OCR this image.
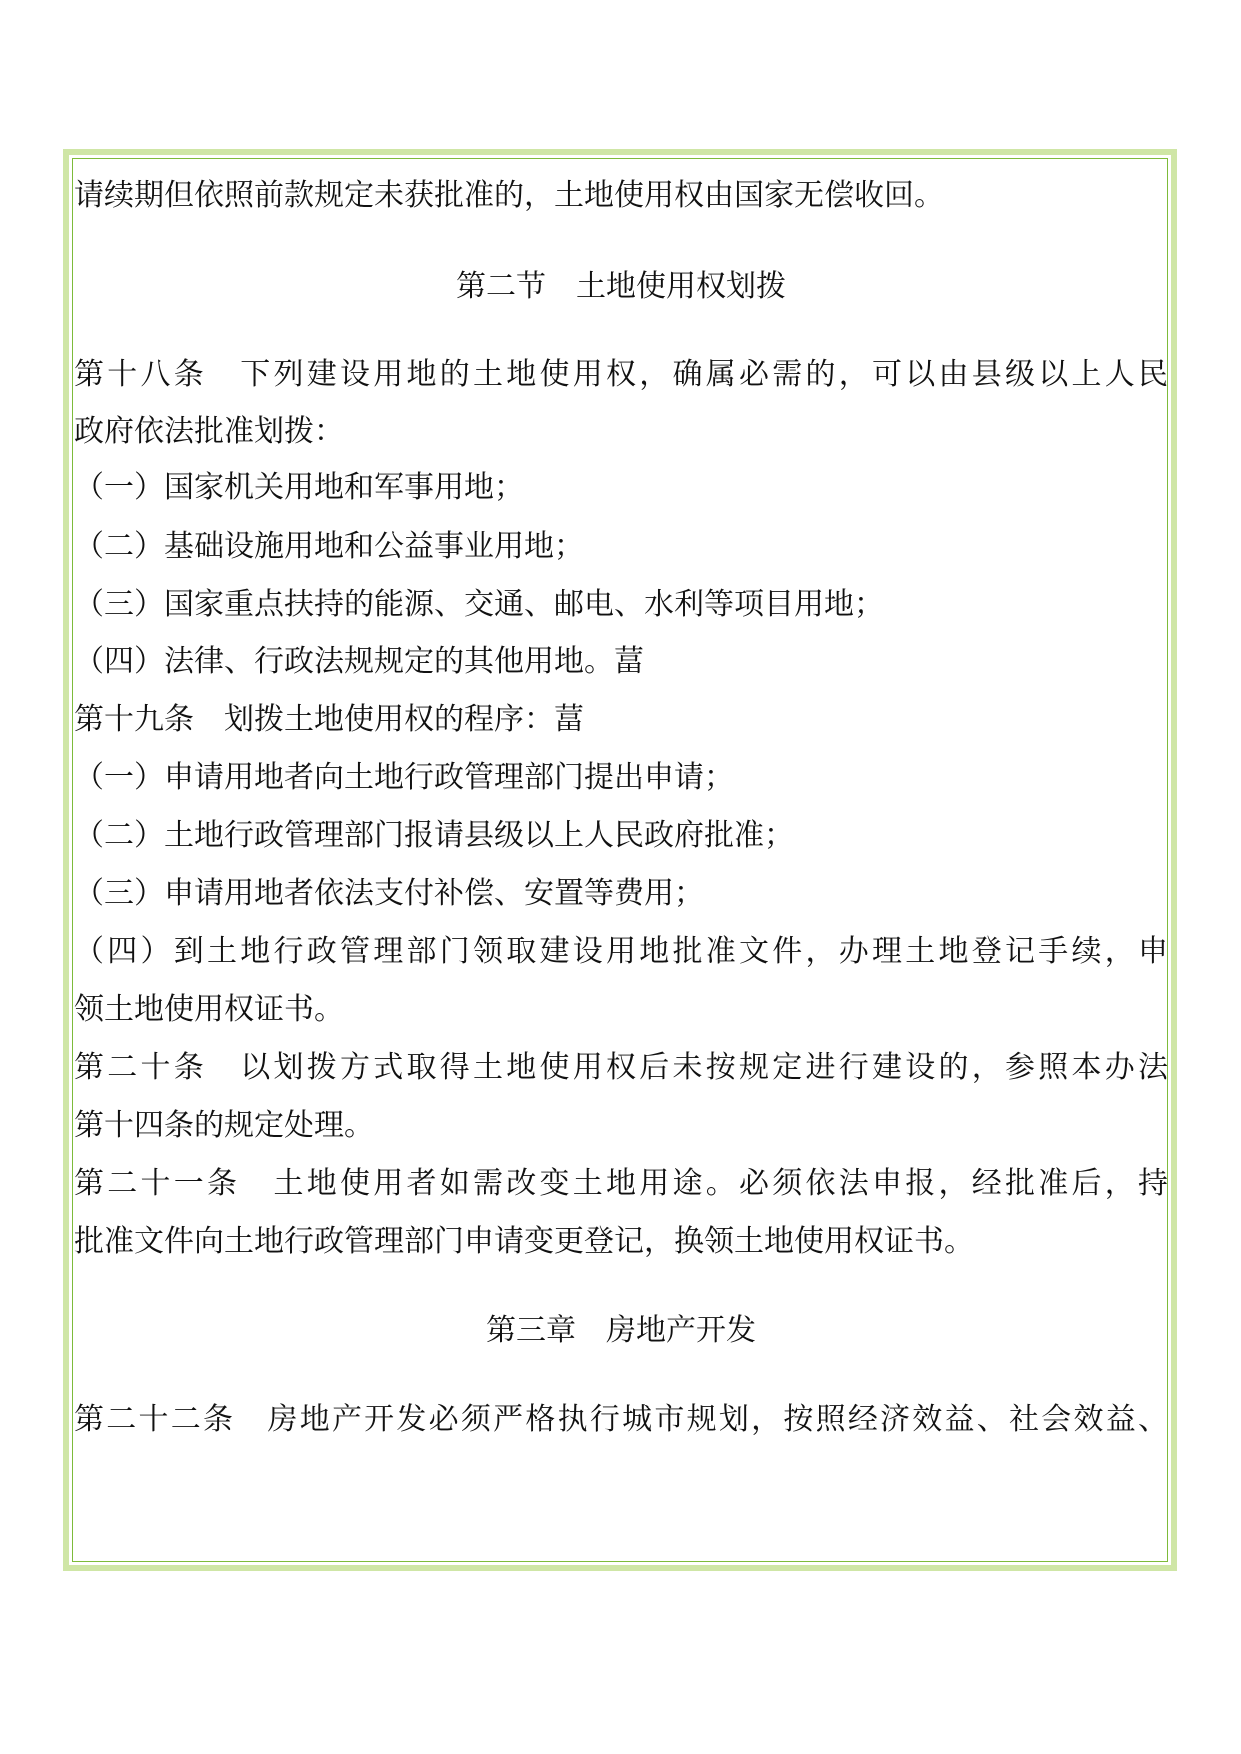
请续期但依照前款规定未获批准的，土地使用权由国家无偿收回。
第二节　土地使用权划拨
第十八条　下列建设用地的土地使用权，确属必需的，可以由县级以上人民
政府依法批准划拨：
（一）国家机关用地和军事用地；
（二）基础设施用地和公益事业用地；
（三）国家重点扶持的能源、交通、邮电、水利等项目用地；
（四）法律、行政法规规定的其他用地。葍
第十九条　划拨土地使用权的程序：葍
（一）申请用地者向土地行政管理部门提出申请；
（二）土地行政管理部门报请县级以上人民政府批准；
（三）申请用地者依法支付补偿、安置等费用；
（四）到土地行政管理部门领取建设用地批准文件，办理土地登记手续，申
领土地使用权证书。
第二十条　以划拨方式取得土地使用权后未按规定进行建设的，参照本办法
第十四条的规定处理。
第二十一条　土地使用者如需改变土地用途。必须依法申报，经批准后，持
批准文件向土地行政管理部门申请变更登记，换领土地使用权证书。
第三章　房地产开发
第二十二条　房地产开发必须严格执行城市规划，按照经济效益、社会效益、
